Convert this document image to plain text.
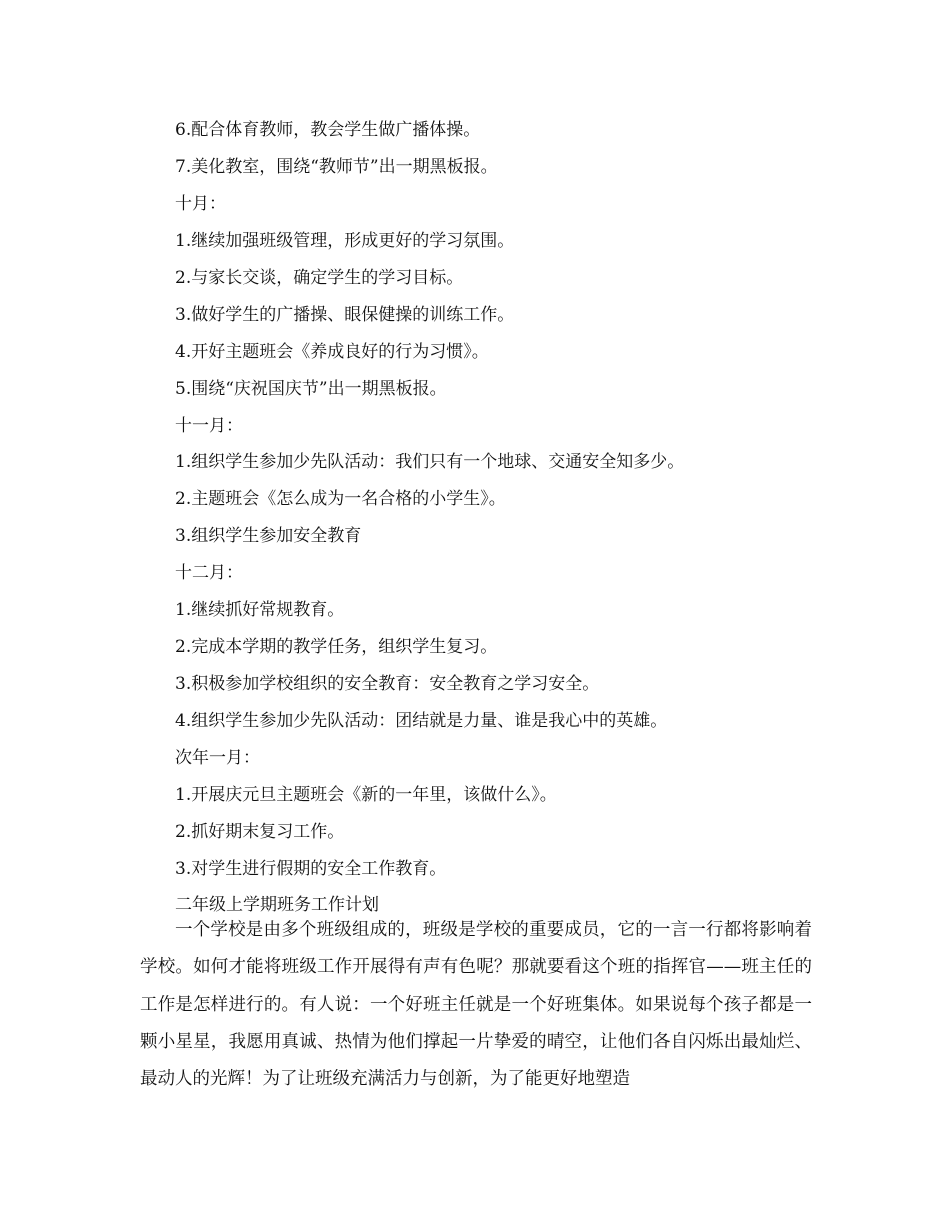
6.配合体育教师，教会学生做广播体操。
7.美化教室，围绕“教师节”出一期黑板报。
十月：
1.继续加强班级管理，形成更好的学习氛围。
2.与家长交谈，确定学生的学习目标。
3.做好学生的广播操、眼保健操的训练工作。
4.开好主题班会《养成良好的行为习惯》。
5.围绕“庆祝国庆节”出一期黑板报。
十一月：
1.组织学生参加少先队活动：我们只有一个地球、交通安全知多少。
2.主题班会《怎么成为一名合格的小学生》。
3.组织学生参加安全教育
十二月：
1.继续抓好常规教育。
2.完成本学期的教学任务，组织学生复习。
3.积极参加学校组织的安全教育：安全教育之学习安全。
4.组织学生参加少先队活动：团结就是力量、谁是我心中的英雄。
次年一月：
1.开展庆元旦主题班会《新的一年里，该做什么》。
2.抓好期末复习工作。
3.对学生进行假期的安全工作教育。
二年级上学期班务工作计划
一个学校是由多个班级组成的，班级是学校的重要成员，它的一言一行都将影响着学校。如何才能将班级工作开展得有声有色呢？那就要看这个班的指挥官——班主任的工作是怎样进行的。有人说：一个好班主任就是一个好班集体。如果说每个孩子都是一颗小星星，我愿用真诚、热情为他们撑起一片挚爱的晴空，让他们各自闪烁出最灿烂、最动人的光辉！为了让班级充满活力与创新，为了能更好地塑造
